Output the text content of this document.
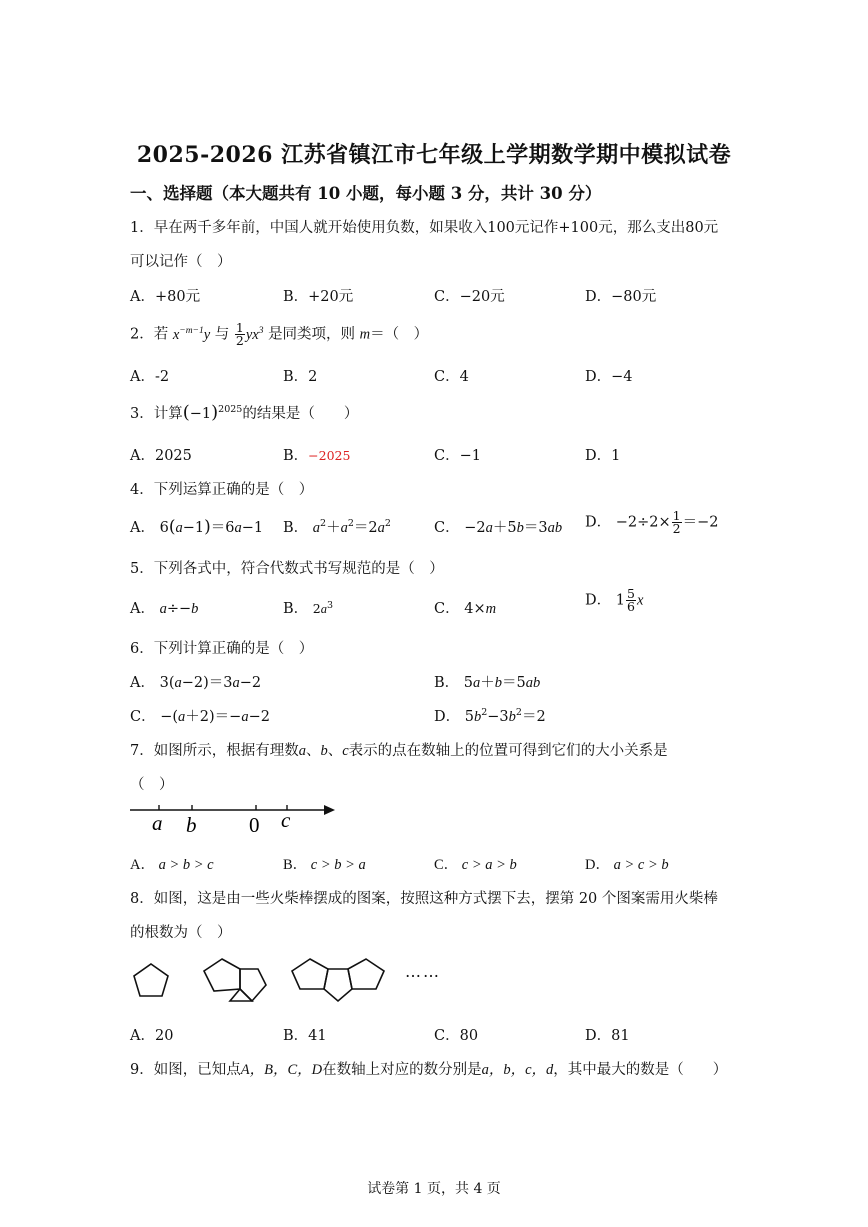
2025-2026 江苏省镇江市七年级上学期数学期中模拟试卷
一、选择题（本大题共有 10 小题，每小题 3 分，共计 30 分）
1．早在两千多年前，中国人就开始使用负数，如果收入100元记作+100元，那么支出80元
可以记作（　）
A．+80元	B．+20元	C．−20元	D．−80元
2．若 $x^{-m-1}y$ 与 $\frac{1}{2} yx^3$ 是同类项，则 m＝（　）
A．-2	B．2	C．4	D．−4
3．计算$(-1)^{2025}$的结果是（　　）
A．2025	B．−2025	C．−1	D．1
4．下列运算正确的是（　）
A． 6(a−1)＝6a−1 B． $a^2+a^2=2a^2$	C． −2a＋5b＝3ab D． $-2\div 2\times \frac{1}{2} =-2$
5．下列各式中，符合代数式书写规范的是（　）
A． a÷−b	B． $2a^3$	C． 4×m
D． $1 \frac{5}{6}$ x
6．下列计算正确的是（　）
A． 3(a−2)＝3a−2	B． 5a＋b＝5ab
C． −(a＋2)＝−a−2	D． $5b^2-3b^2=2$
7．如图所示，根据有理数a、b、c表示的点在数轴上的位置可得到它们的大小关系是
（　）
a b	0 c
A． a > b > c	B． c > b > a	C． c > a > b	D． a > c > b
8．如图，这是由一些火柴棒摆成的图案，按照这种方式摆下去，摆第 20 个图案需用火柴棒
的根数为（　）
……
A．20	B．41	C．80	D．81
9．如图，已知点A，B，C，D在数轴上对应的数分别是a，b，c，d，其中最大的数是（　　）
试卷第 1 页，共 4 页
